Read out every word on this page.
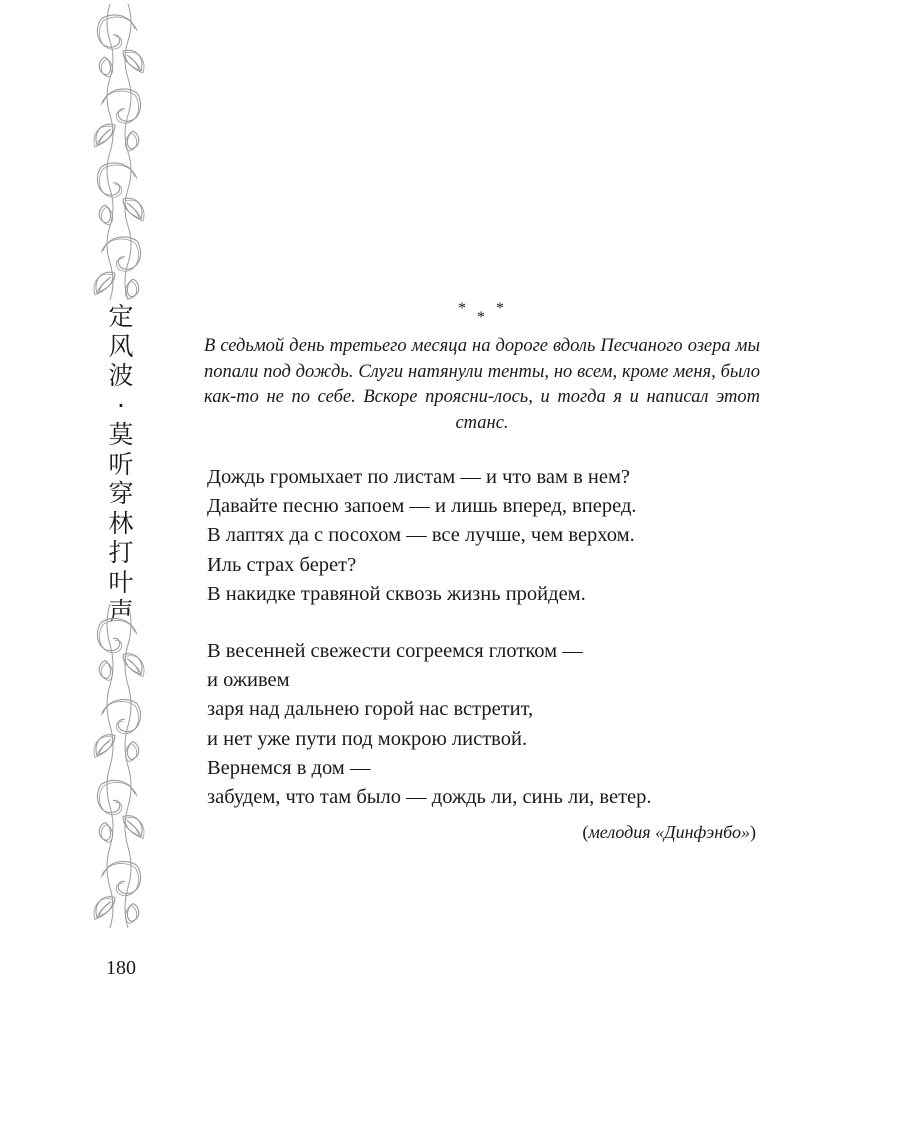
定
风
波
·
莫
听
穿
林
打
叶
声
180
*
*
*

В седьмой день третьего месяца на дороге вдоль Песчаного озера мы попали под дождь. Слуги натянули тенты, но всем, кроме меня, было как-то не по себе. Вскоре проясни-лось, и тогда я и написал этот станс.

Дождь громыхает по листам — и что вам в нем?
Давайте песню запоем — и лишь вперед, вперед.
В лаптях да с посохом — все лучше, чем верхом.
Иль страх берет?
В накидке травяной сквозь жизнь пройдем.
В весенней свежести согреемся глотком —
и оживем
заря над дальнею горой нас встретит,
и нет уже пути под мокрою листвой.
Вернемся в дом —
забудем, что там было — дождь ли, синь ли, ветер.
(мелодия «Динфэнбо»)
